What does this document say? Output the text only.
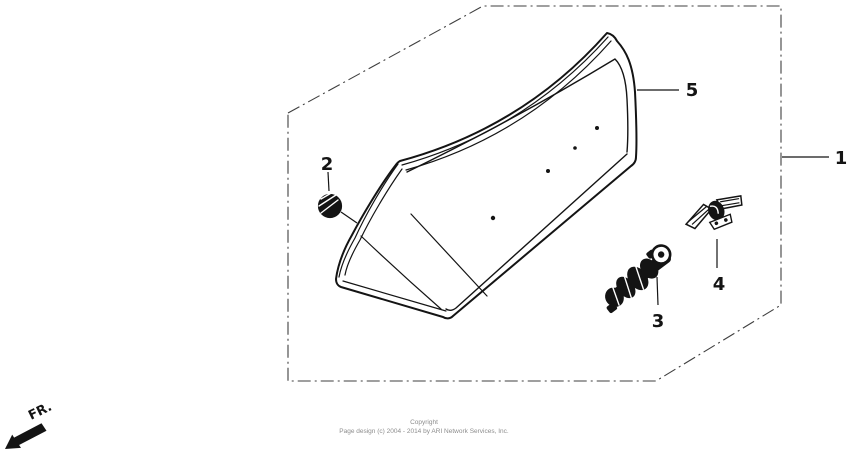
1
2
3
4
5
FR.	Copyright
Page design (c) 2004 - 2014 by ARI Network Services, Inc.
